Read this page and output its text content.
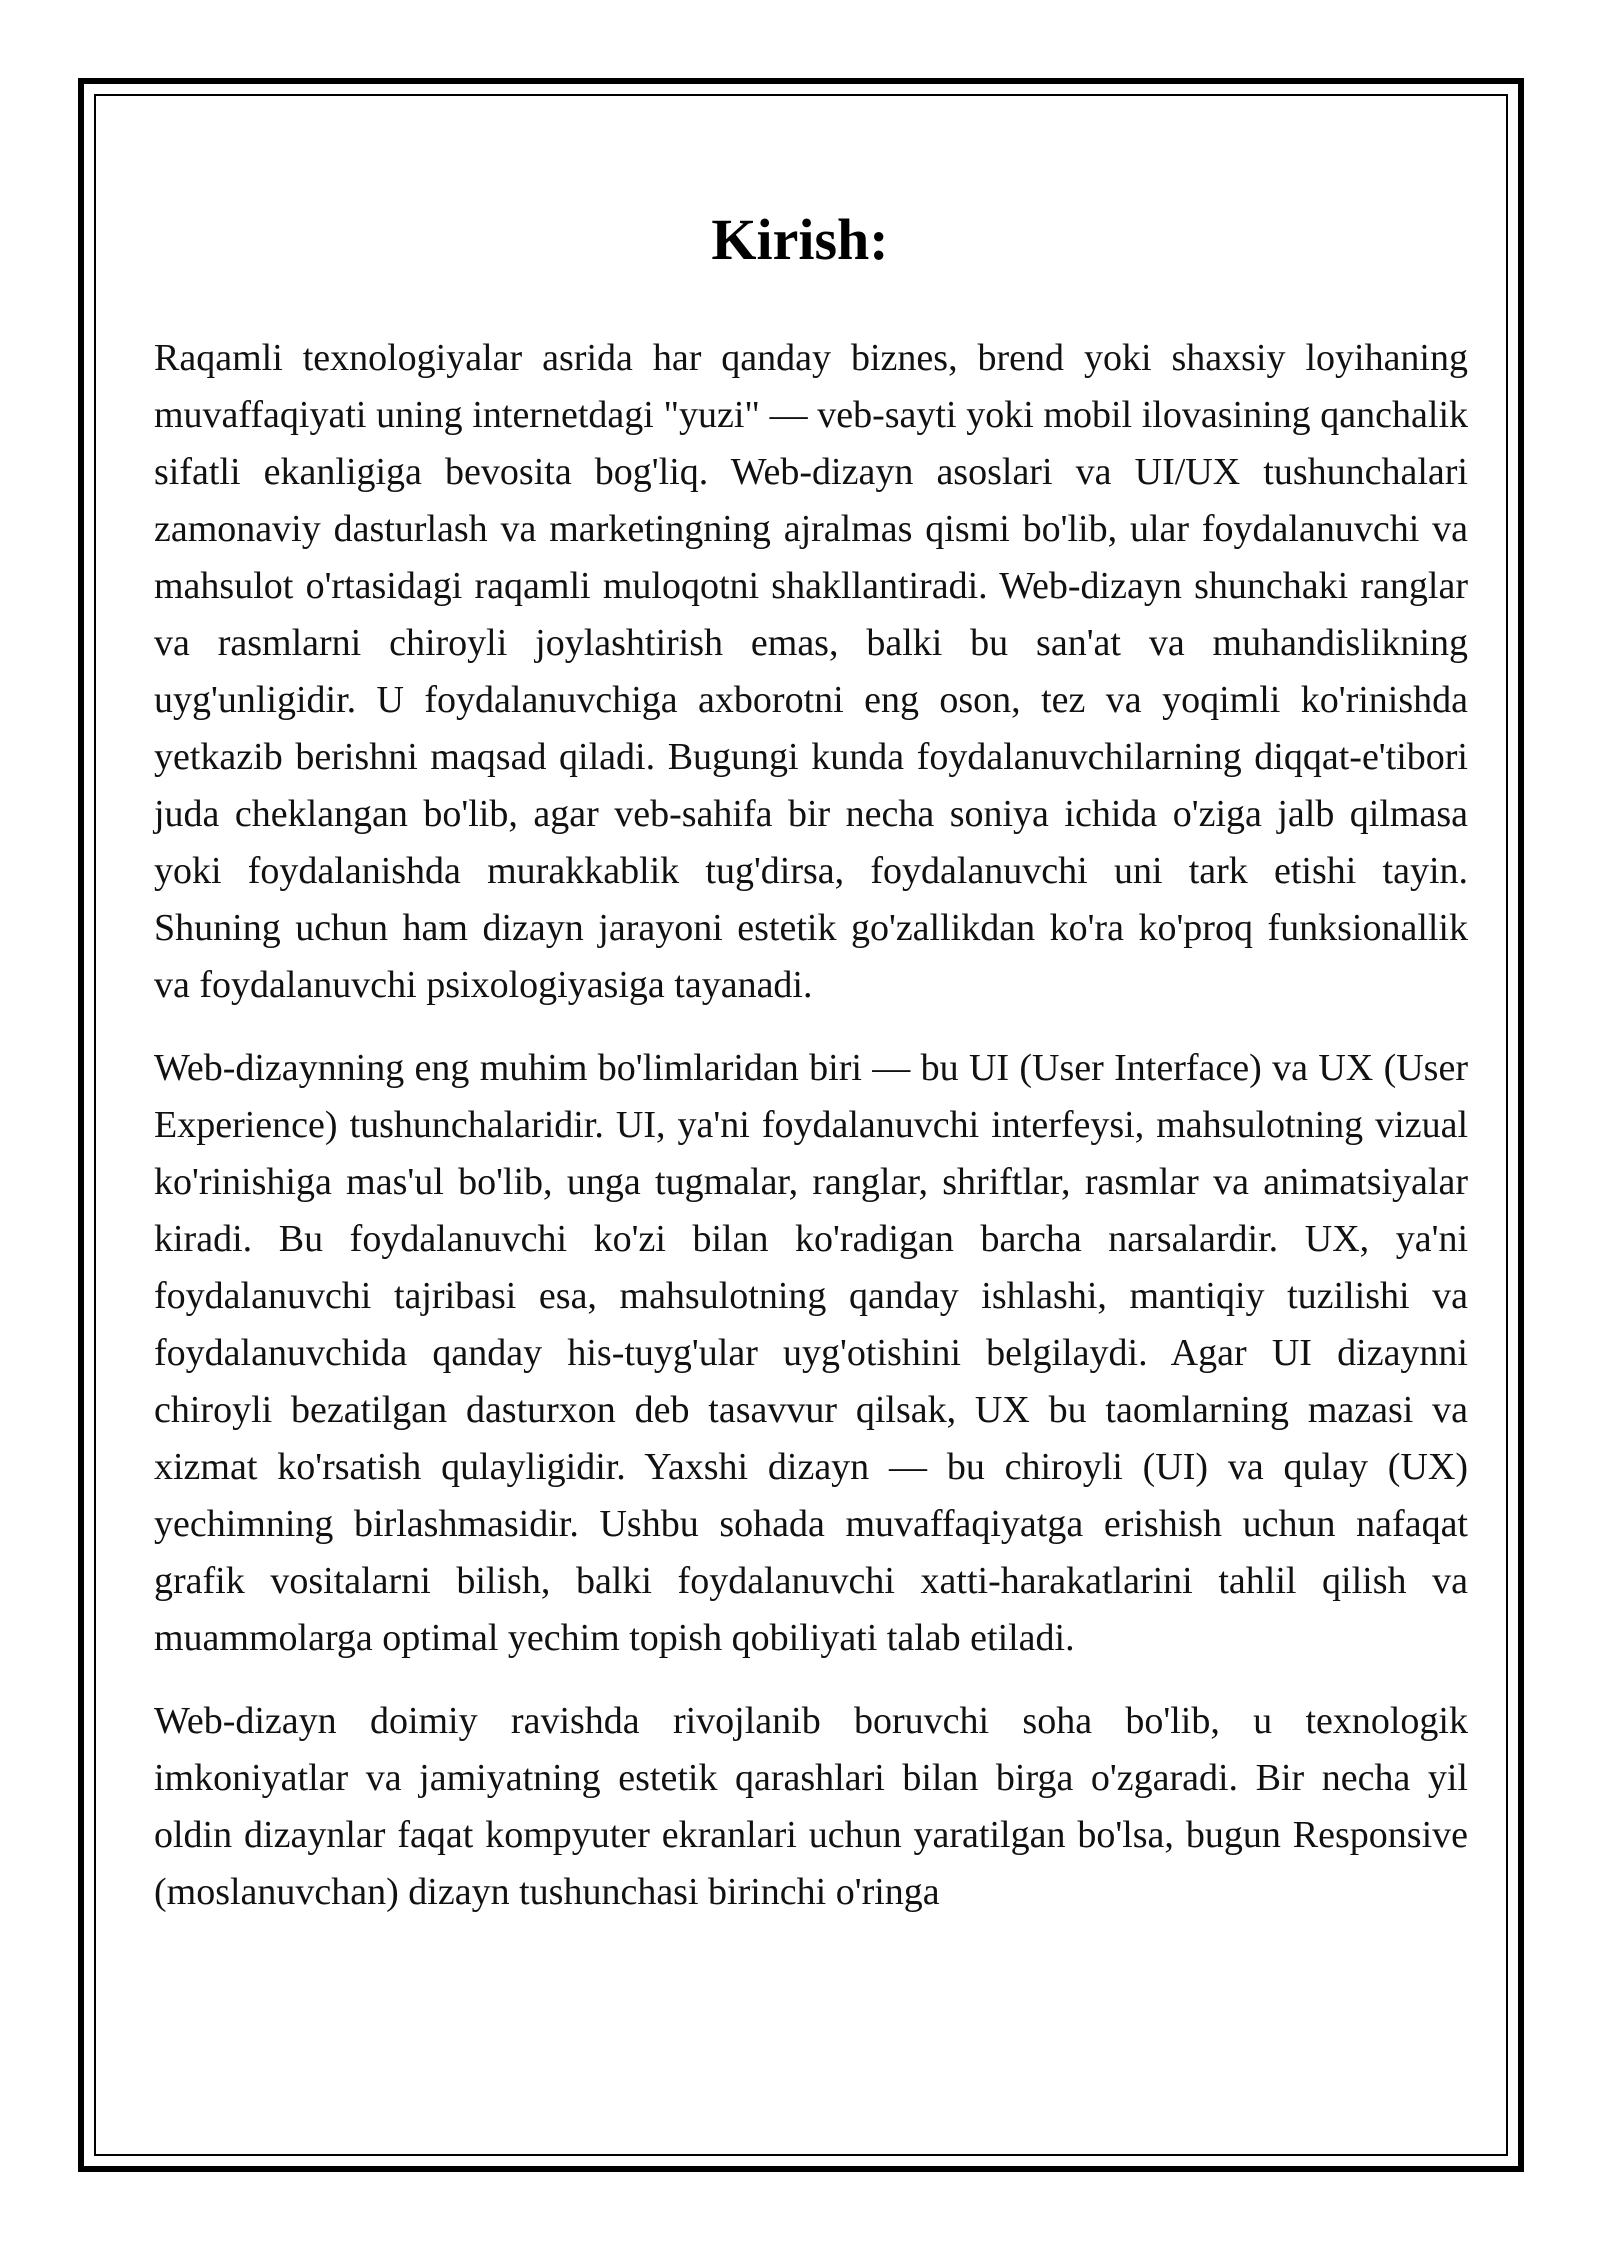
Kirish:

Raqamli texnologiyalar asrida har qanday biznes, brend yoki shaxsiy loyihaning muvaffaqiyati uning internetdagi "yuzi" — veb-sayti yoki mobil ilovasining qanchalik sifatli ekanligiga bevosita bog'liq. Web-dizayn asoslari va UI/UX tushunchalari zamonaviy dasturlash va marketingning ajralmas qismi bo'lib, ular foydalanuvchi va mahsulot o'rtasidagi raqamli muloqotni shakllantiradi. Web-dizayn shunchaki ranglar va rasmlarni chiroyli joylashtirish emas, balki bu san'at va muhandislikning uyg'unligidir. U foydalanuvchiga axborotni eng oson, tez va yoqimli ko'rinishda yetkazib berishni maqsad qiladi. Bugungi kunda foydalanuvchilarning diqqat-e'tibori juda cheklangan bo'lib, agar veb-sahifa bir necha soniya ichida o'ziga jalb qilmasa yoki foydalanishda murakkablik tug'dirsa, foydalanuvchi uni tark etishi tayin. Shuning uchun ham dizayn jarayoni estetik go'zallikdan ko'ra ko'proq funksionallik va foydalanuvchi psixologiyasiga tayanadi.

Web-dizaynning eng muhim bo'limlaridan biri — bu UI (User Interface) va UX (User Experience) tushunchalaridir. UI, ya'ni foydalanuvchi interfeysi, mahsulotning vizual ko'rinishiga mas'ul bo'lib, unga tugmalar, ranglar, shriftlar, rasmlar va animatsiyalar kiradi. Bu foydalanuvchi ko'zi bilan ko'radigan barcha narsalardir. UX, ya'ni foydalanuvchi tajribasi esa, mahsulotning qanday ishlashi, mantiqiy tuzilishi va foydalanuvchida qanday his-tuyg'ular uyg'otishini belgilaydi. Agar UI dizaynni chiroyli bezatilgan dasturxon deb tasavvur qilsak, UX bu taomlarning mazasi va xizmat ko'rsatish qulayligidir. Yaxshi dizayn — bu chiroyli (UI) va qulay (UX) yechimning birlashmasidir. Ushbu sohada muvaffaqiyatga erishish uchun nafaqat grafik vositalarni bilish, balki foydalanuvchi xatti-harakatlarini tahlil qilish va muammolarga optimal yechim topish qobiliyati talab etiladi.

Web-dizayn doimiy ravishda rivojlanib boruvchi soha bo'lib, u texnologik imkoniyatlar va jamiyatning estetik qarashlari bilan birga o'zgaradi. Bir necha yil oldin dizaynlar faqat kompyuter ekranlari uchun yaratilgan bo'lsa, bugun Responsive (moslanuvchan) dizayn tushunchasi birinchi o'ringa
